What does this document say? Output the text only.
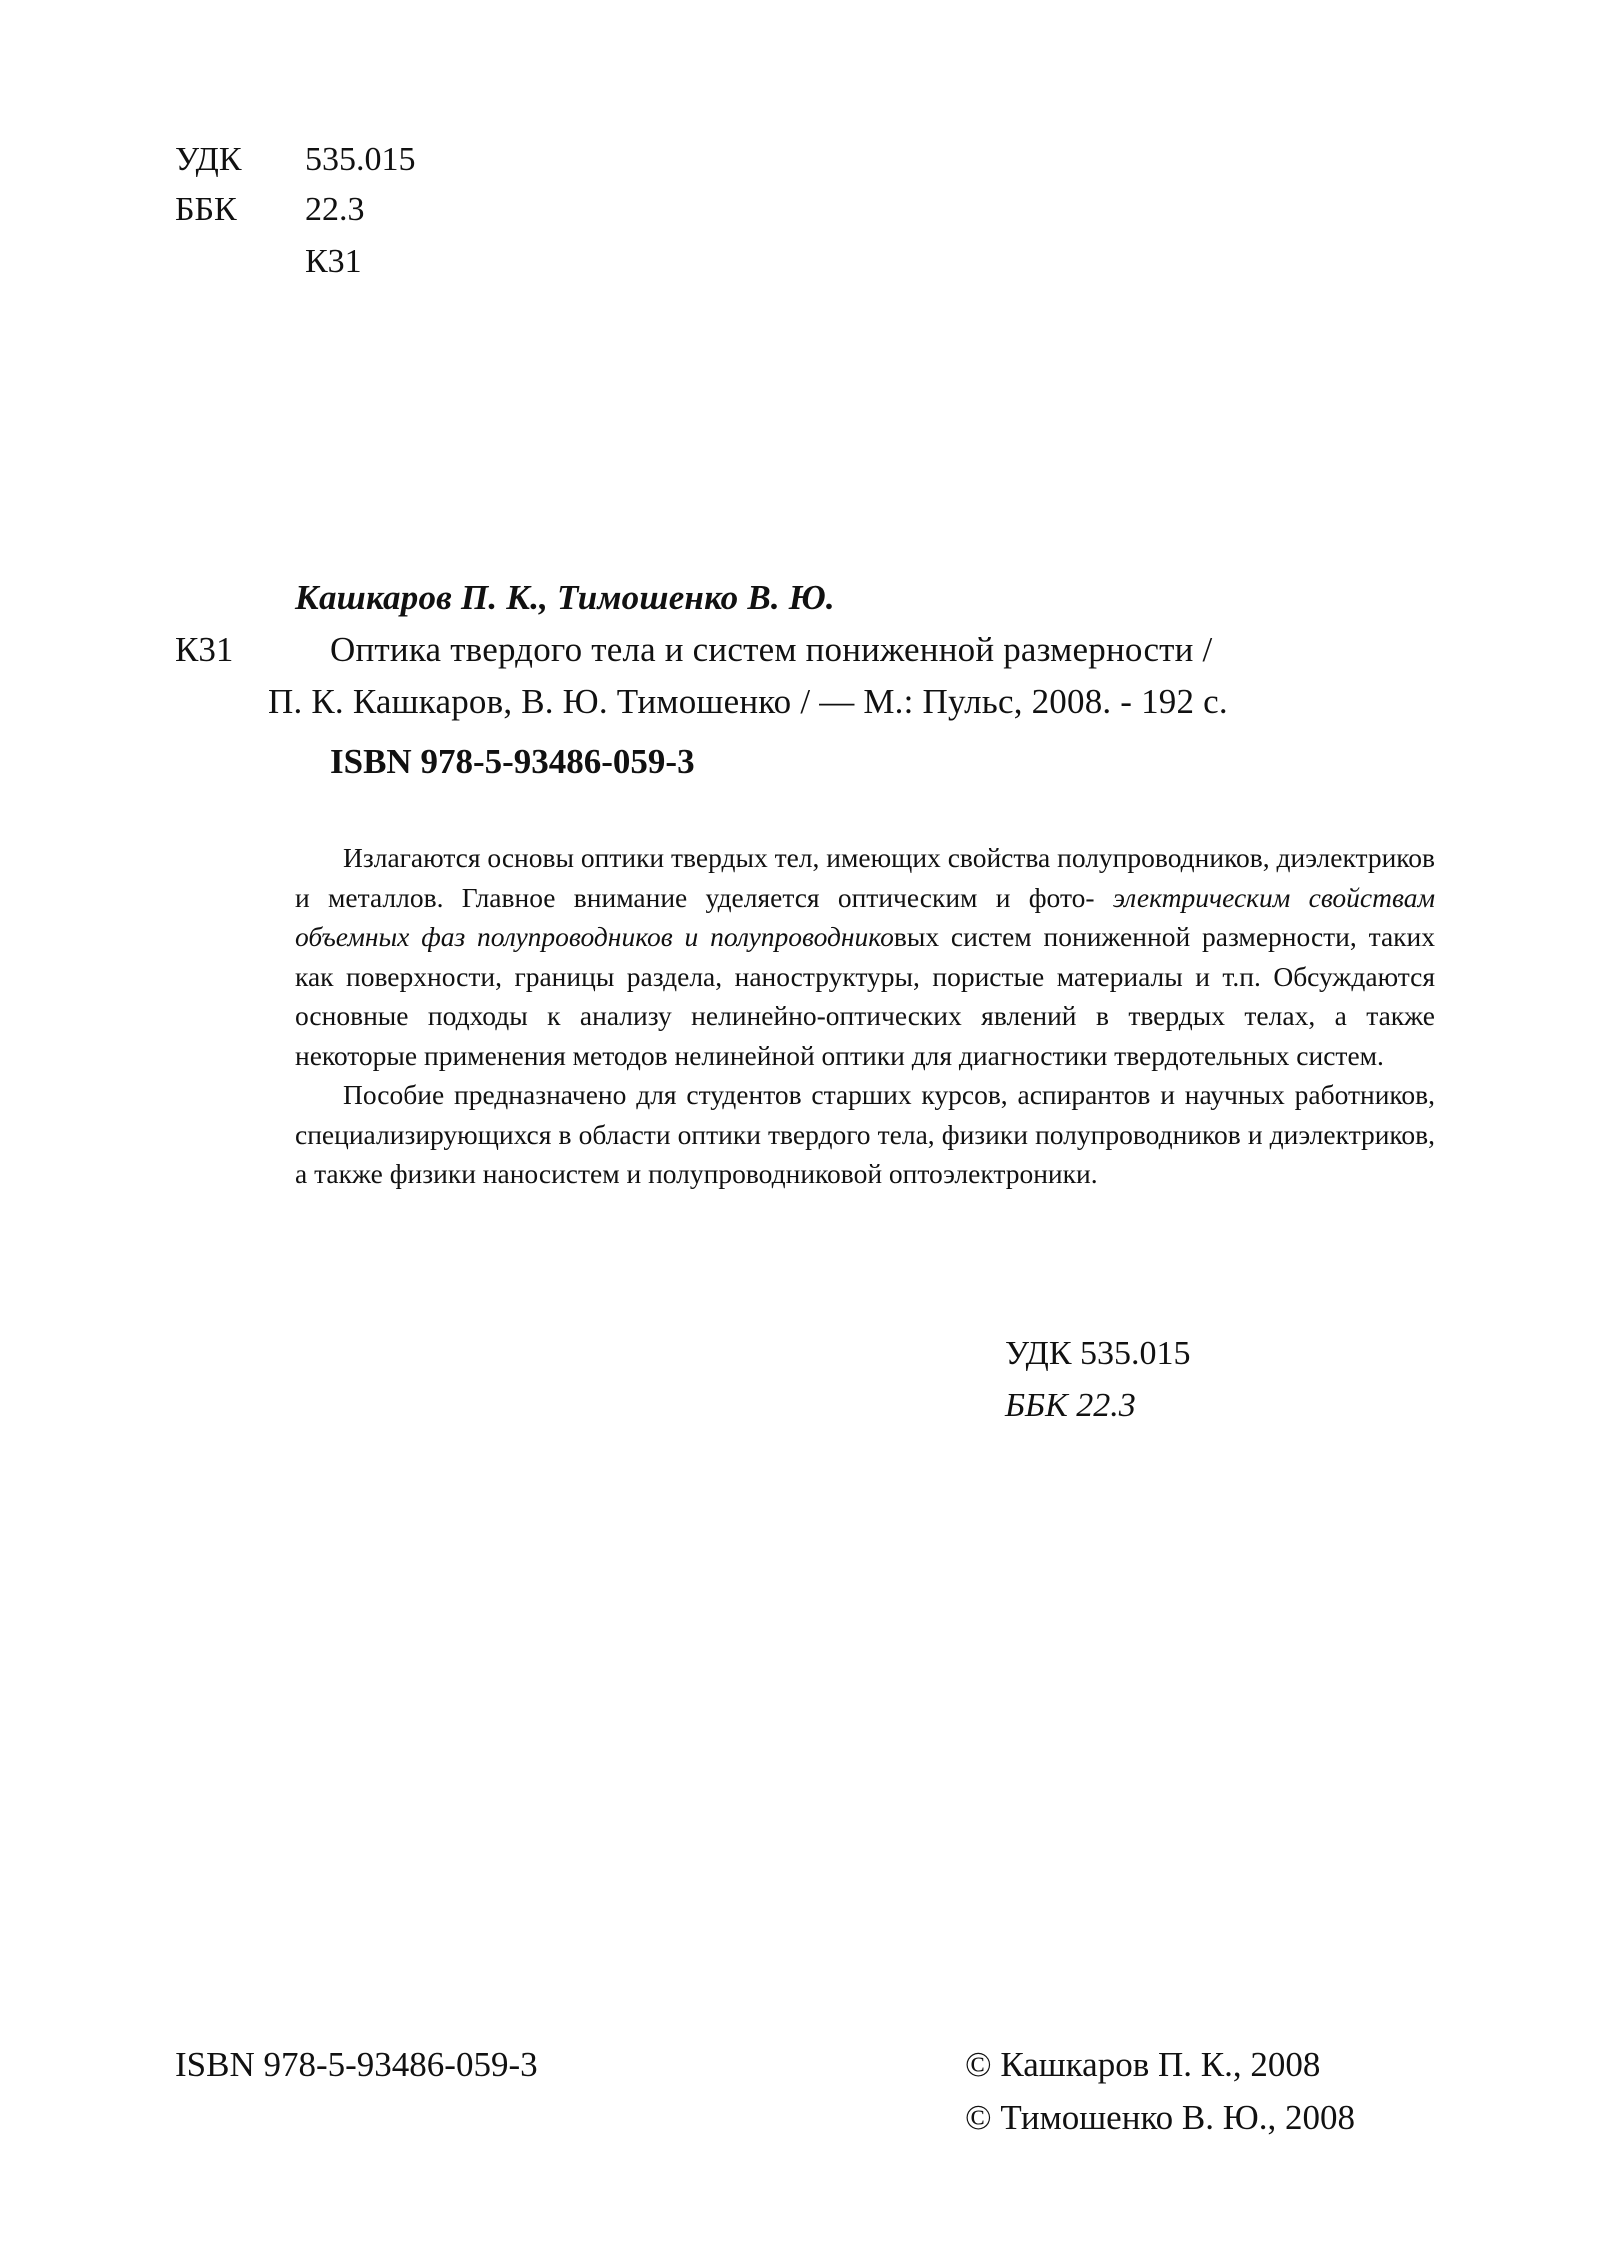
УДК	535.015
ББК	22.3
К31
Кашкаров П. К., Тимошенко В. Ю.
К31	Оптика твердого тела и систем пониженной размерности /
П. К. Кашкаров, В. Ю. Тимошенко / — М.: Пульс, 2008. - 192 с.
ISBN 978-5-93486-059-3

Излагаются основы оптики твердых тел, имеющих свойства полупроводников, диэлектриков и металлов. Главное внимание уделяется оптическим и фото- электрическим свойствам объемных фаз полупроводников и полупроводниковых систем пониженной размерности, таких как поверхности, границы раздела, наноструктуры, пористые материалы и т.п. Обсуждаются основные подходы к анализу нелинейно-оптических явлений в твердых телах, а также некоторые применения методов нелинейной оптики для диагностики твердотельных систем.

Пособие предназначено для студентов старших курсов, аспирантов и научных работников, специализирующихся в области оптики твердого тела, физики полупроводников и диэлектриков, а также физики наносистем и полупроводниковой оптоэлектроники.

УДК 535.015
ББК 22.3
ISBN 978-5-93486-059-3	© Кашкаров П. К., 2008
© Тимошенко В. Ю., 2008
